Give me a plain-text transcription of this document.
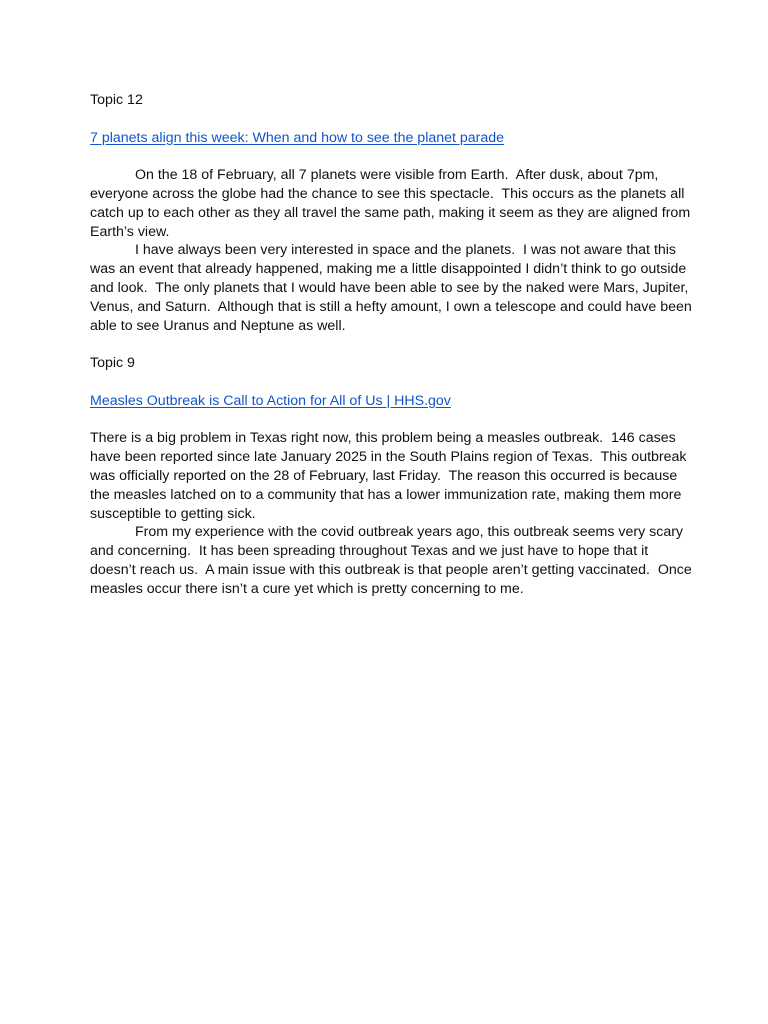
Topic 12
7 planets align this week: When and how to see the planet parade
On the 18 of February, all 7 planets were visible from Earth.  After dusk, about 7pm,
everyone across the globe had the chance to see this spectacle.  This occurs as the planets all
catch up to each other as they all travel the same path, making it seem as they are aligned from
Earth’s view.
I have always been very interested in space and the planets.  I was not aware that this
was an event that already happened, making me a little disappointed I didn’t think to go outside
and look.  The only planets that I would have been able to see by the naked were Mars, Jupiter,
Venus, and Saturn.  Although that is still a hefty amount, I own a telescope and could have been
able to see Uranus and Neptune as well.
Topic 9
Measles Outbreak is Call to Action for All of Us | HHS.gov
There is a big problem in Texas right now, this problem being a measles outbreak.  146 cases
have been reported since late January 2025 in the South Plains region of Texas.  This outbreak
was officially reported on the 28 of February, last Friday.  The reason this occurred is because
the measles latched on to a community that has a lower immunization rate, making them more
susceptible to getting sick.
From my experience with the covid outbreak years ago, this outbreak seems very scary
and concerning.  It has been spreading throughout Texas and we just have to hope that it
doesn’t reach us.  A main issue with this outbreak is that people aren’t getting vaccinated.  Once
measles occur there isn’t a cure yet which is pretty concerning to me.
